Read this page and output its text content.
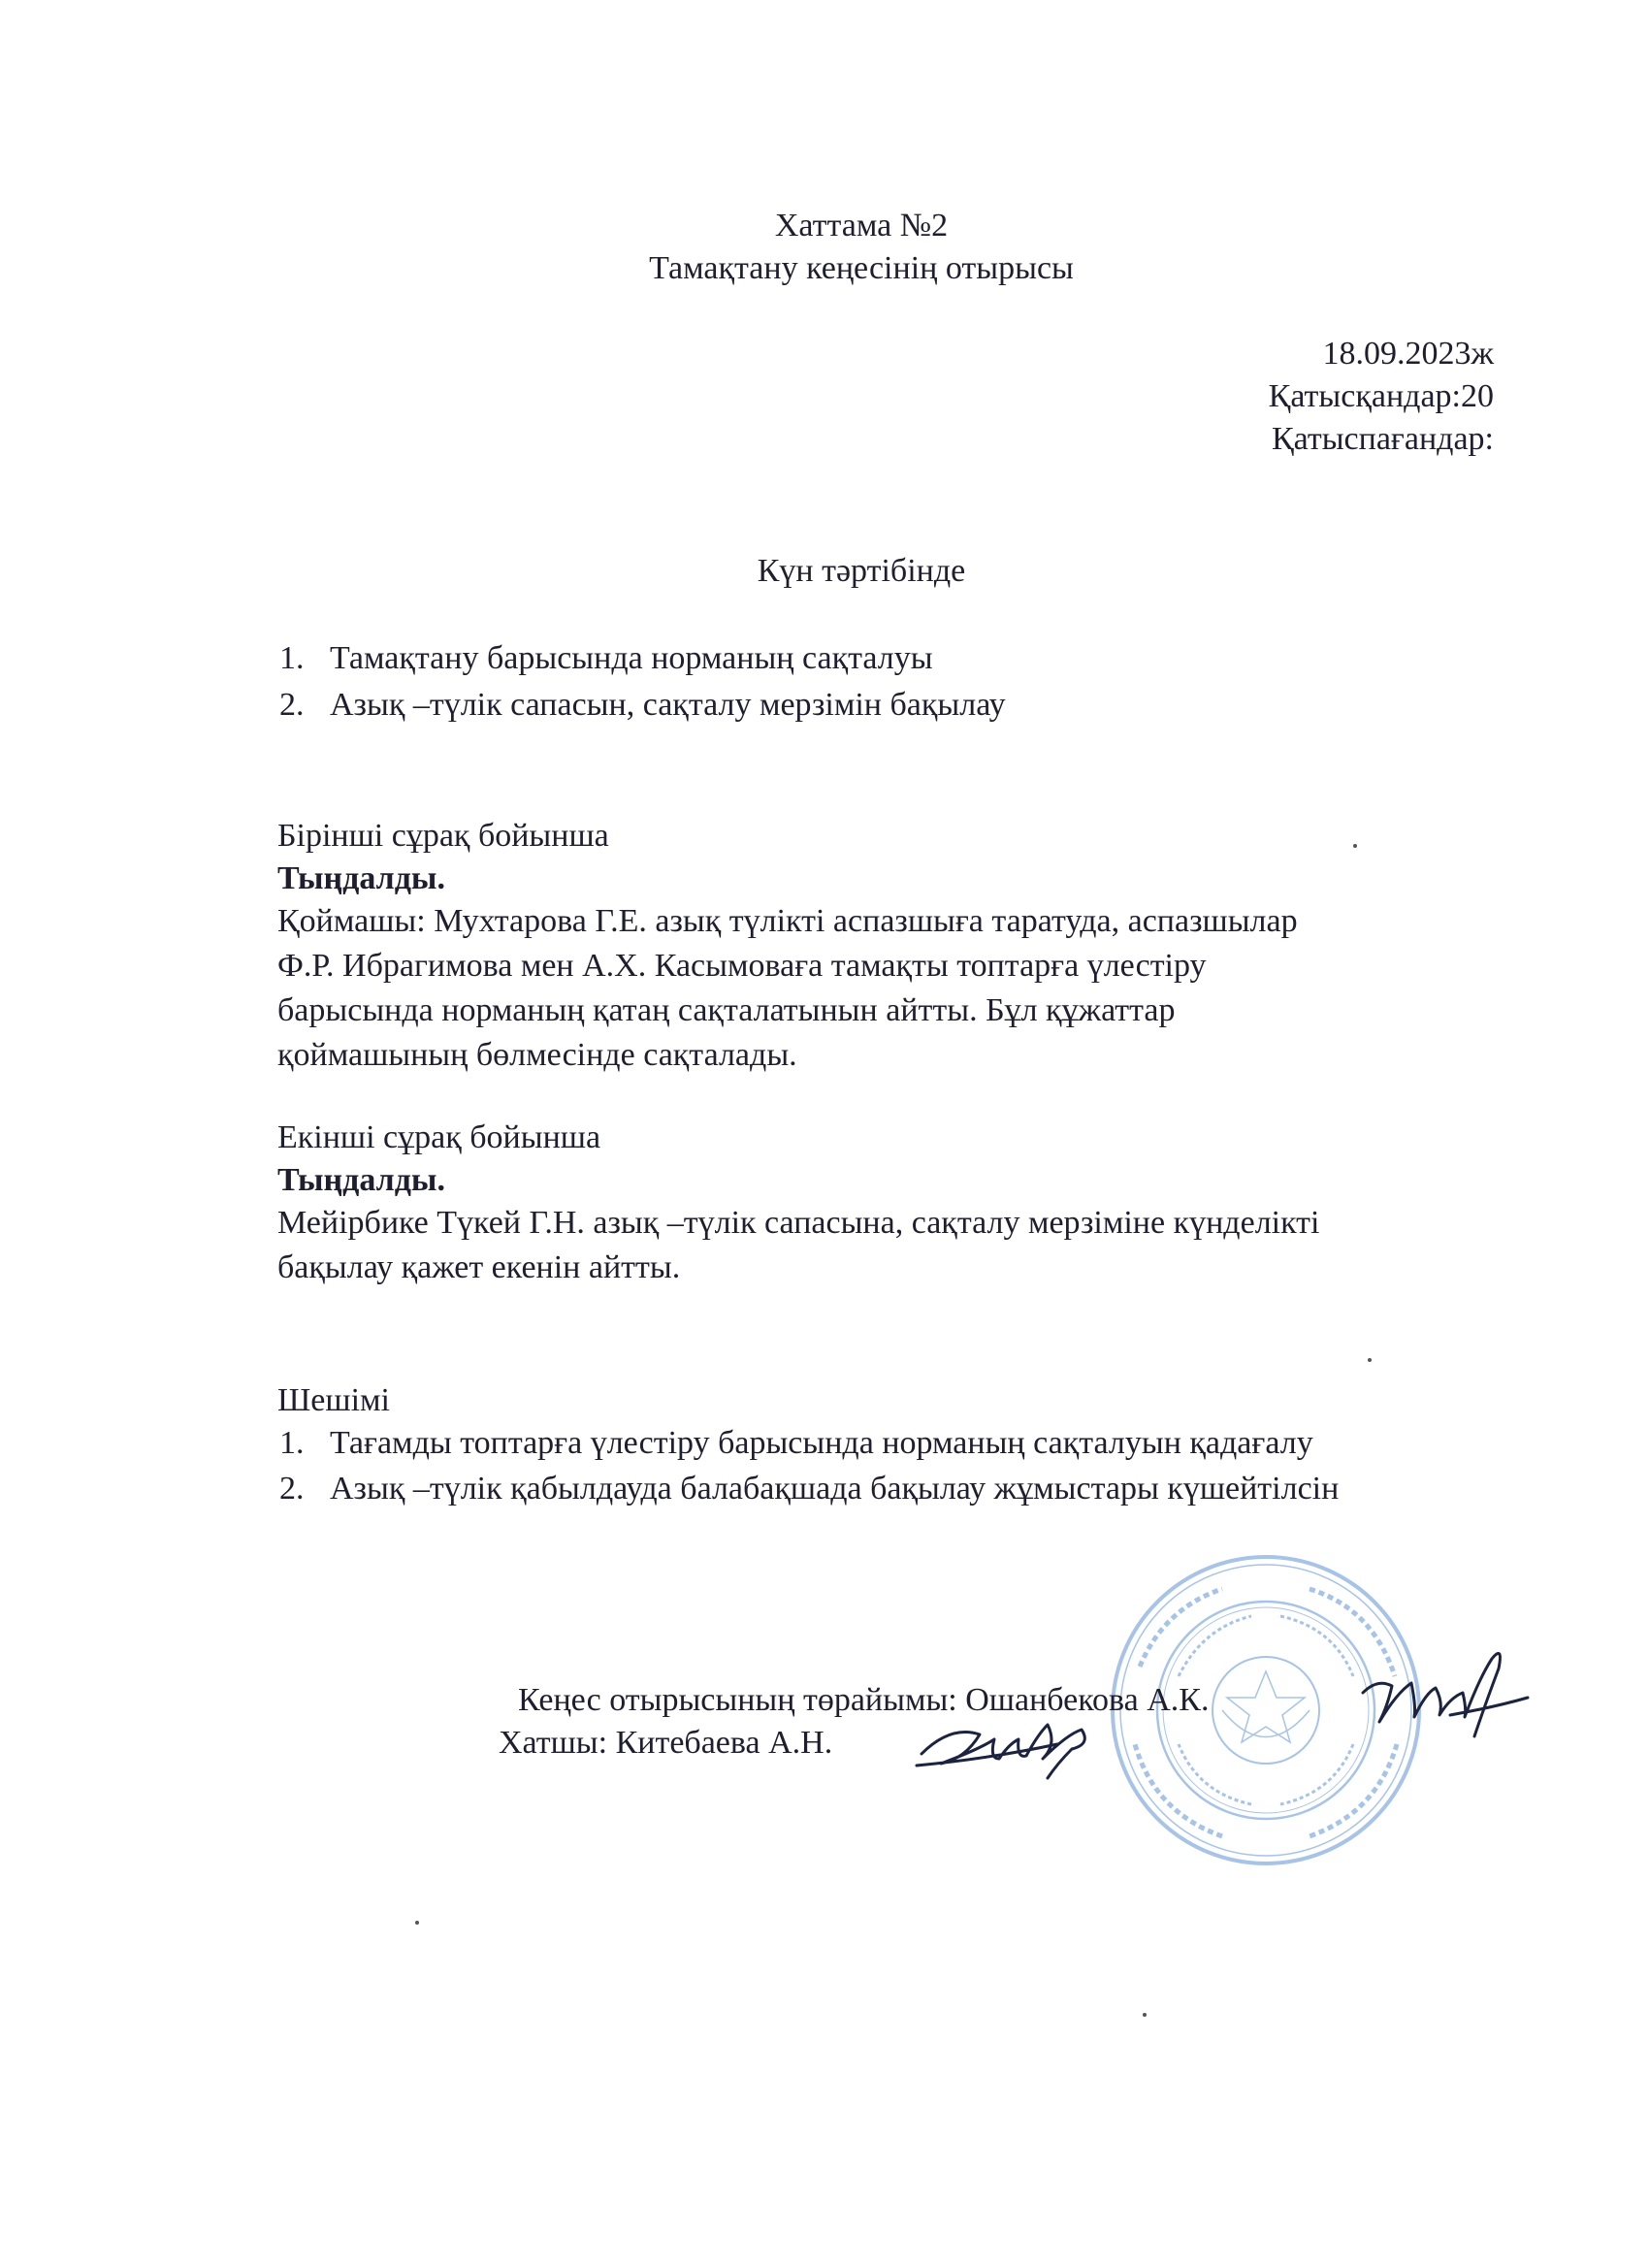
Хаттама №2
Тамақтану кеңесінің отырысы
18.09.2023ж
Қатысқандар:20
Қатыспағандар:
Күн тәртібінде
1. Тамақтану барысында норманың сақталуы
2. Азық –түлік сапасын, сақталу мерзімін бақылау
Бірінші сұрақ бойынша
Тыңдалды.
Қоймашы: Мухтарова Г.Е. азық түлікті аспазшыға таратуда, аспазшылар
Ф.Р. Ибрагимова мен А.Х. Касымоваға тамақты топтарға үлестіру
барысында норманың қатаң сақталатынын айтты. Бұл құжаттар
қоймашының бөлмесінде сақталады.
Екінші сұрақ бойынша
Тыңдалды.
Мейірбике Түкей Г.Н. азық –түлік сапасына, сақталу мерзіміне күнделікті
бақылау қажет екенін айтты.
Шешімі
1. Тағамды топтарға үлестіру барысында норманың сақталуын қадағалу
2. Азық –түлік қабылдауда балабақшада бақылау жұмыстары күшейтілсін
Кеңес отырысының төрайымы: Ошанбекова А.К.
Хатшы: Китебаева А.Н.
